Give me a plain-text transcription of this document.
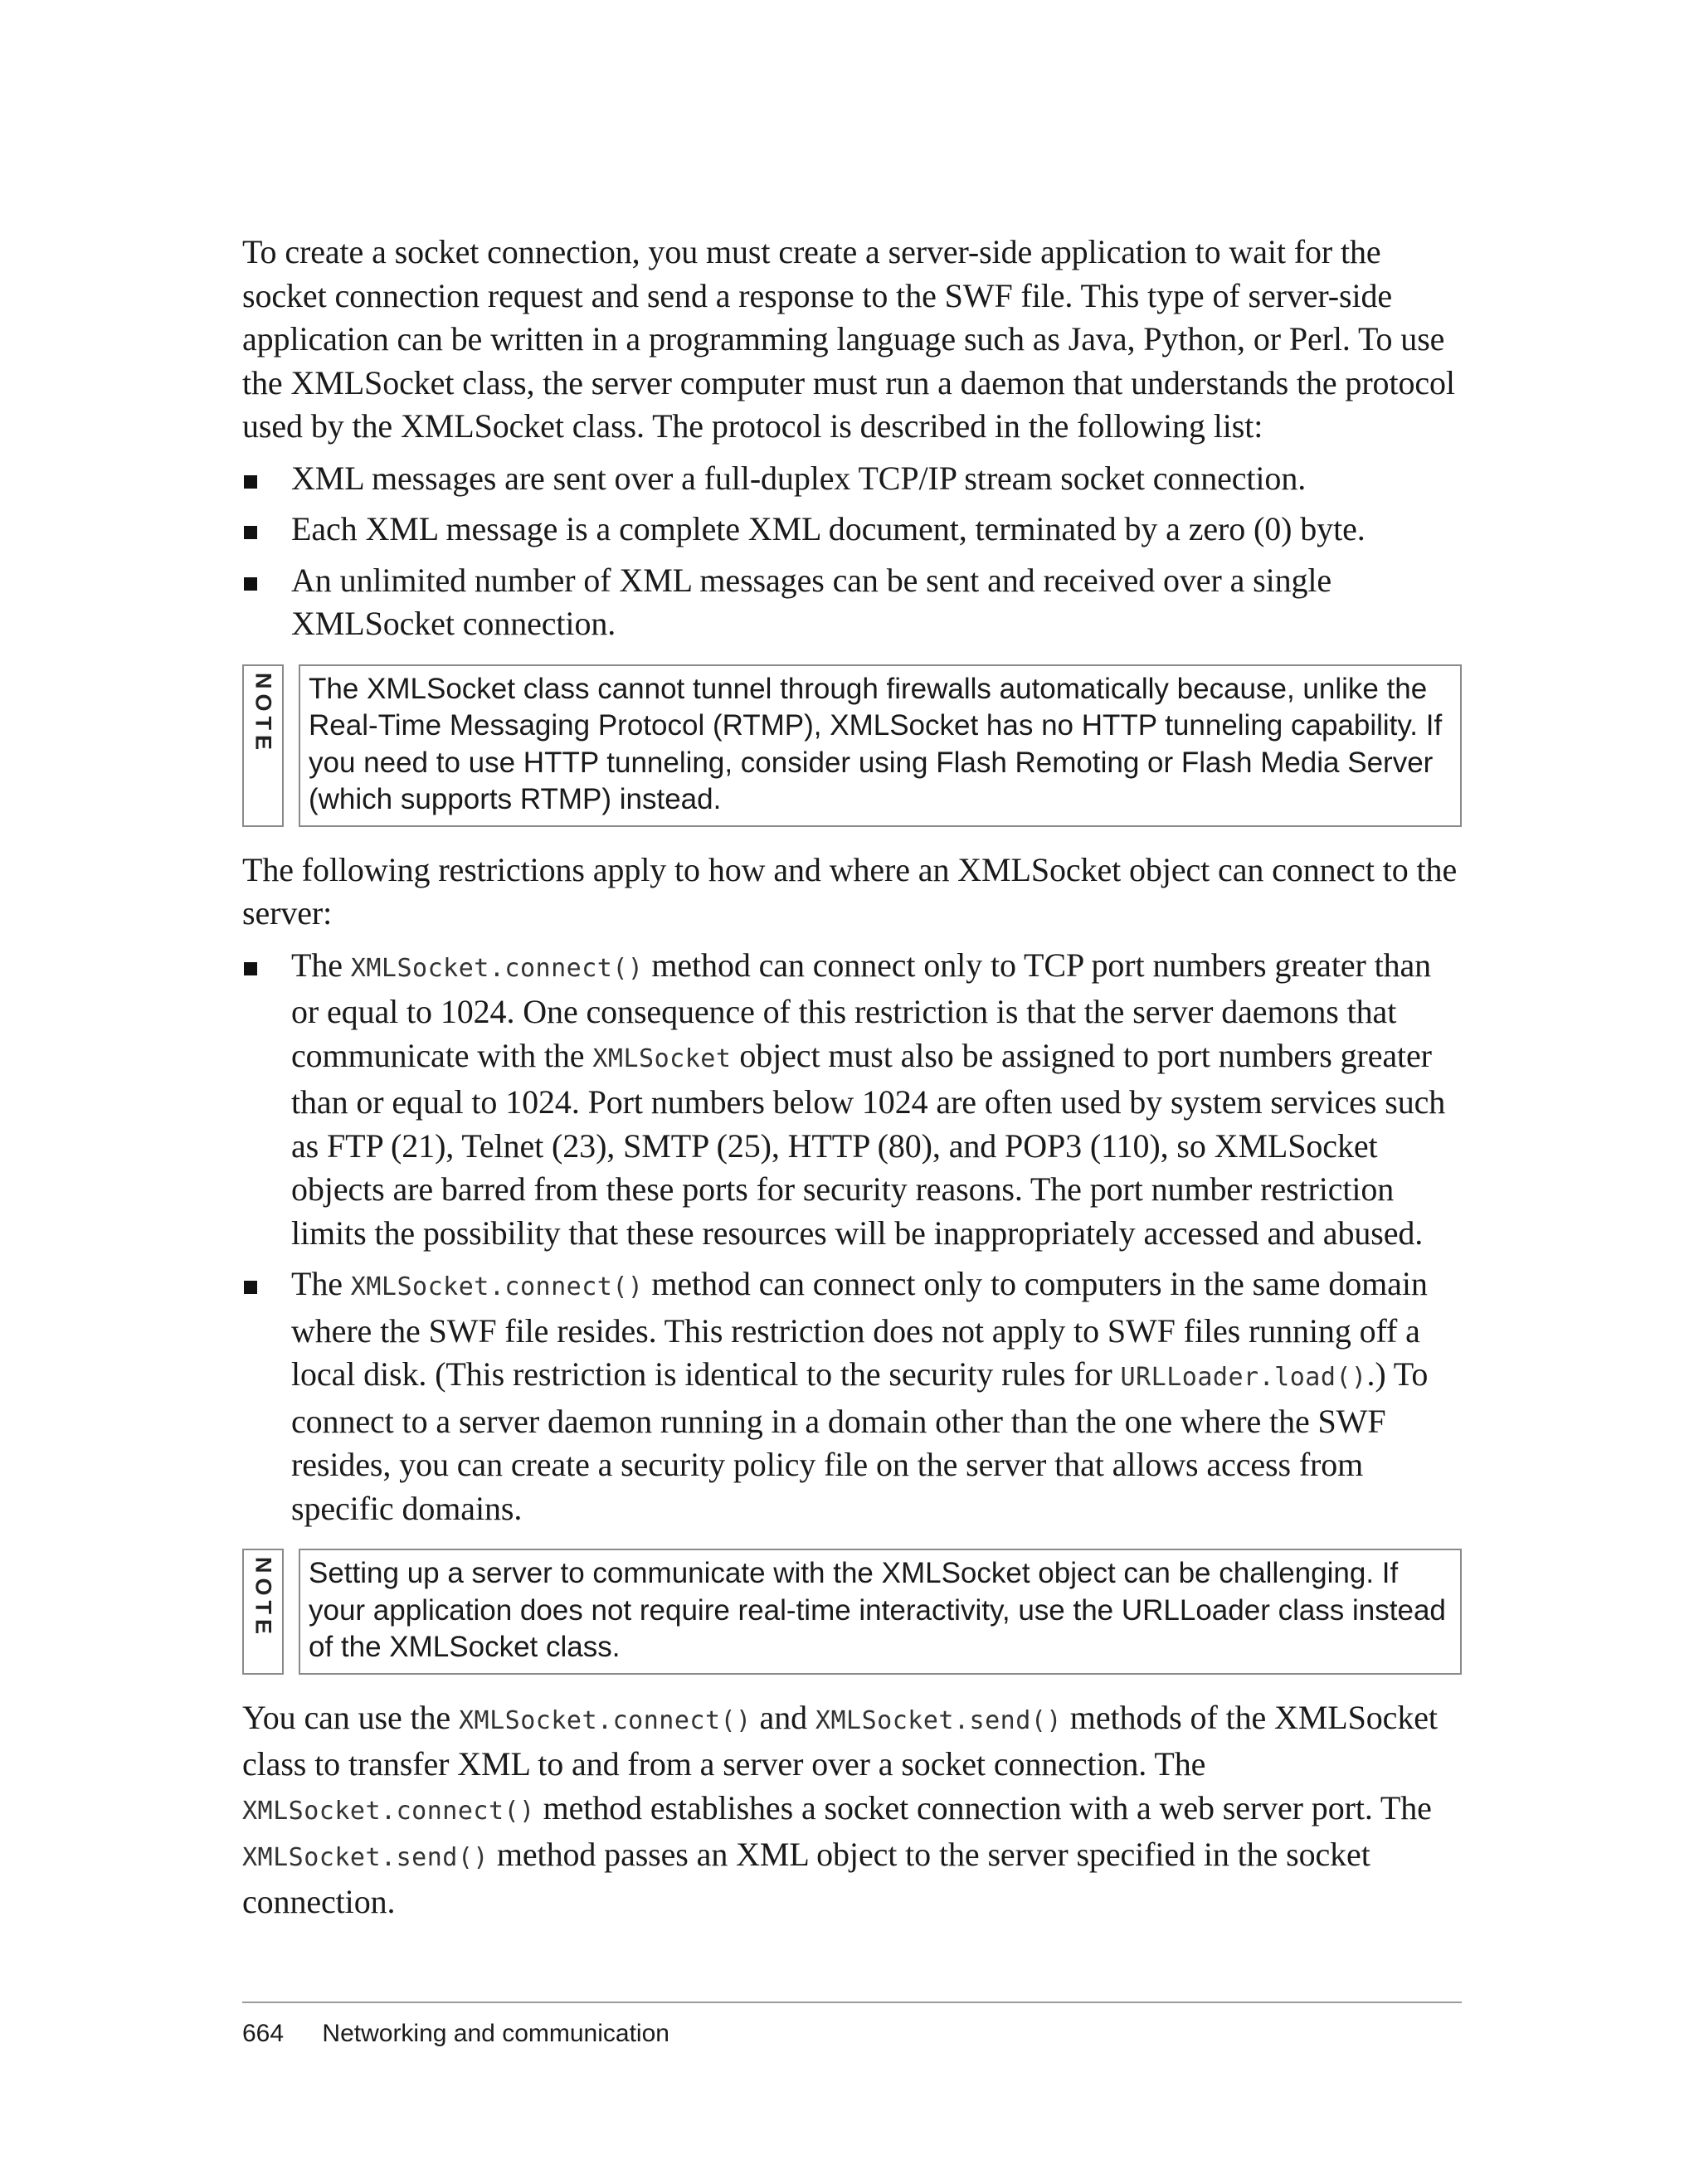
To create a socket connection, you must create a server-side application to wait for the socket connection request and send a response to the SWF file. This type of server-side application can be written in a programming language such as Java, Python, or Perl. To use the XMLSocket class, the server computer must run a daemon that understands the protocol used by the XMLSocket class. The protocol is described in the following list:

XML messages are sent over a full-duplex TCP/IP stream socket connection.
Each XML message is a complete XML document, terminated by a zero (0) byte.
An unlimited number of XML messages can be sent and received over a single XMLSocket connection.
NOTE	The XMLSocket class cannot tunnel through firewalls automatically because, unlike the Real-Time Messaging Protocol (RTMP), XMLSocket has no HTTP tunneling capability. If you need to use HTTP tunneling, consider using Flash Remoting or Flash Media Server (which supports RTMP) instead.

The following restrictions apply to how and where an XMLSocket object can connect to the server:

The XMLSocket.connect() method can connect only to TCP port numbers greater than or equal to 1024. One consequence of this restriction is that the server daemons that communicate with the XMLSocket object must also be assigned to port numbers greater than or equal to 1024. Port numbers below 1024 are often used by system services such as FTP (21), Telnet (23), SMTP (25), HTTP (80), and POP3 (110), so XMLSocket objects are barred from these ports for security reasons. The port number restriction limits the possibility that these resources will be inappropriately accessed and abused.
The XMLSocket.connect() method can connect only to computers in the same domain where the SWF file resides. This restriction does not apply to SWF files running off a local disk. (This restriction is identical to the security rules for URLLoader.load().) To connect to a server daemon running in a domain other than the one where the SWF resides, you can create a security policy file on the server that allows access from specific domains.
NOTE	Setting up a server to communicate with the XMLSocket object can be challenging. If your application does not require real-time interactivity, use the URLLoader class instead of the XMLSocket class.

You can use the XMLSocket.connect() and XMLSocket.send() methods of the XMLSocket class to transfer XML to and from a server over a socket connection. The XMLSocket.connect() method establishes a socket connection with a web server port. The XMLSocket.send() method passes an XML object to the server specified in the socket connection.

664 Networking and communication
